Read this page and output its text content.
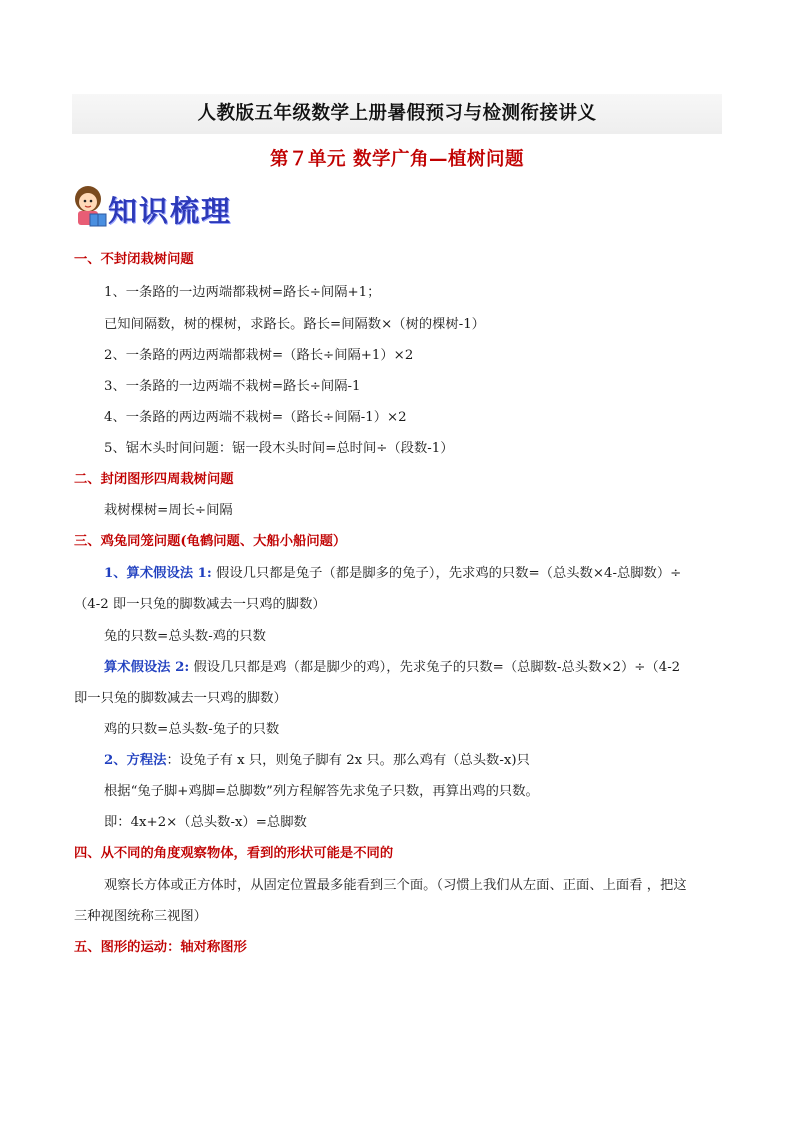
人教版五年级数学上册暑假预习与检测衔接讲义
第７单元 数学广角—植树问题
知识梳理
一、不封闭栽树问题
1、一条路的一边两端都栽树=路长÷间隔+1；
已知间隔数，树的棵树，求路长。路长=间隔数×（树的棵树-1）
2、一条路的两边两端都栽树=（路长÷间隔+1）×2
3、一条路的一边两端不栽树=路长÷间隔-1
4、一条路的两边两端不栽树=（路长÷间隔-1）×2
5、锯木头时间问题：锯一段木头时间=总时间÷（段数-1）
二、封闭图形四周栽树问题
栽树棵树=周长÷间隔
三、鸡兔同笼问题(龟鹤问题、大船小船问题）
1、算术假设法 1: 假设几只都是兔子（都是脚多的兔子），先求鸡的只数=（总头数×4-总脚数）÷
（4-2 即一只兔的脚数减去一只鸡的脚数）
兔的只数=总头数-鸡的只数
算术假设法 2: 假设几只都是鸡（都是脚少的鸡），先求兔子的只数=（总脚数-总头数×2）÷（4-2
即一只兔的脚数减去一只鸡的脚数）
鸡的只数=总头数-兔子的只数
2、方程法：设兔子有 x 只，则兔子脚有 2x 只。那么鸡有（总头数-x)只
根据“兔子脚+鸡脚=总脚数”列方程解答先求兔子只数，再算出鸡的只数。
即：4x+2×（总头数-x）=总脚数
四、从不同的角度观察物体，看到的形状可能是不同的
观察长方体或正方体时，从固定位置最多能看到三个面。（习惯上我们从左面、正面、上面看 ，把这
三种视图统称三视图）
五、图形的运动：轴对称图形
